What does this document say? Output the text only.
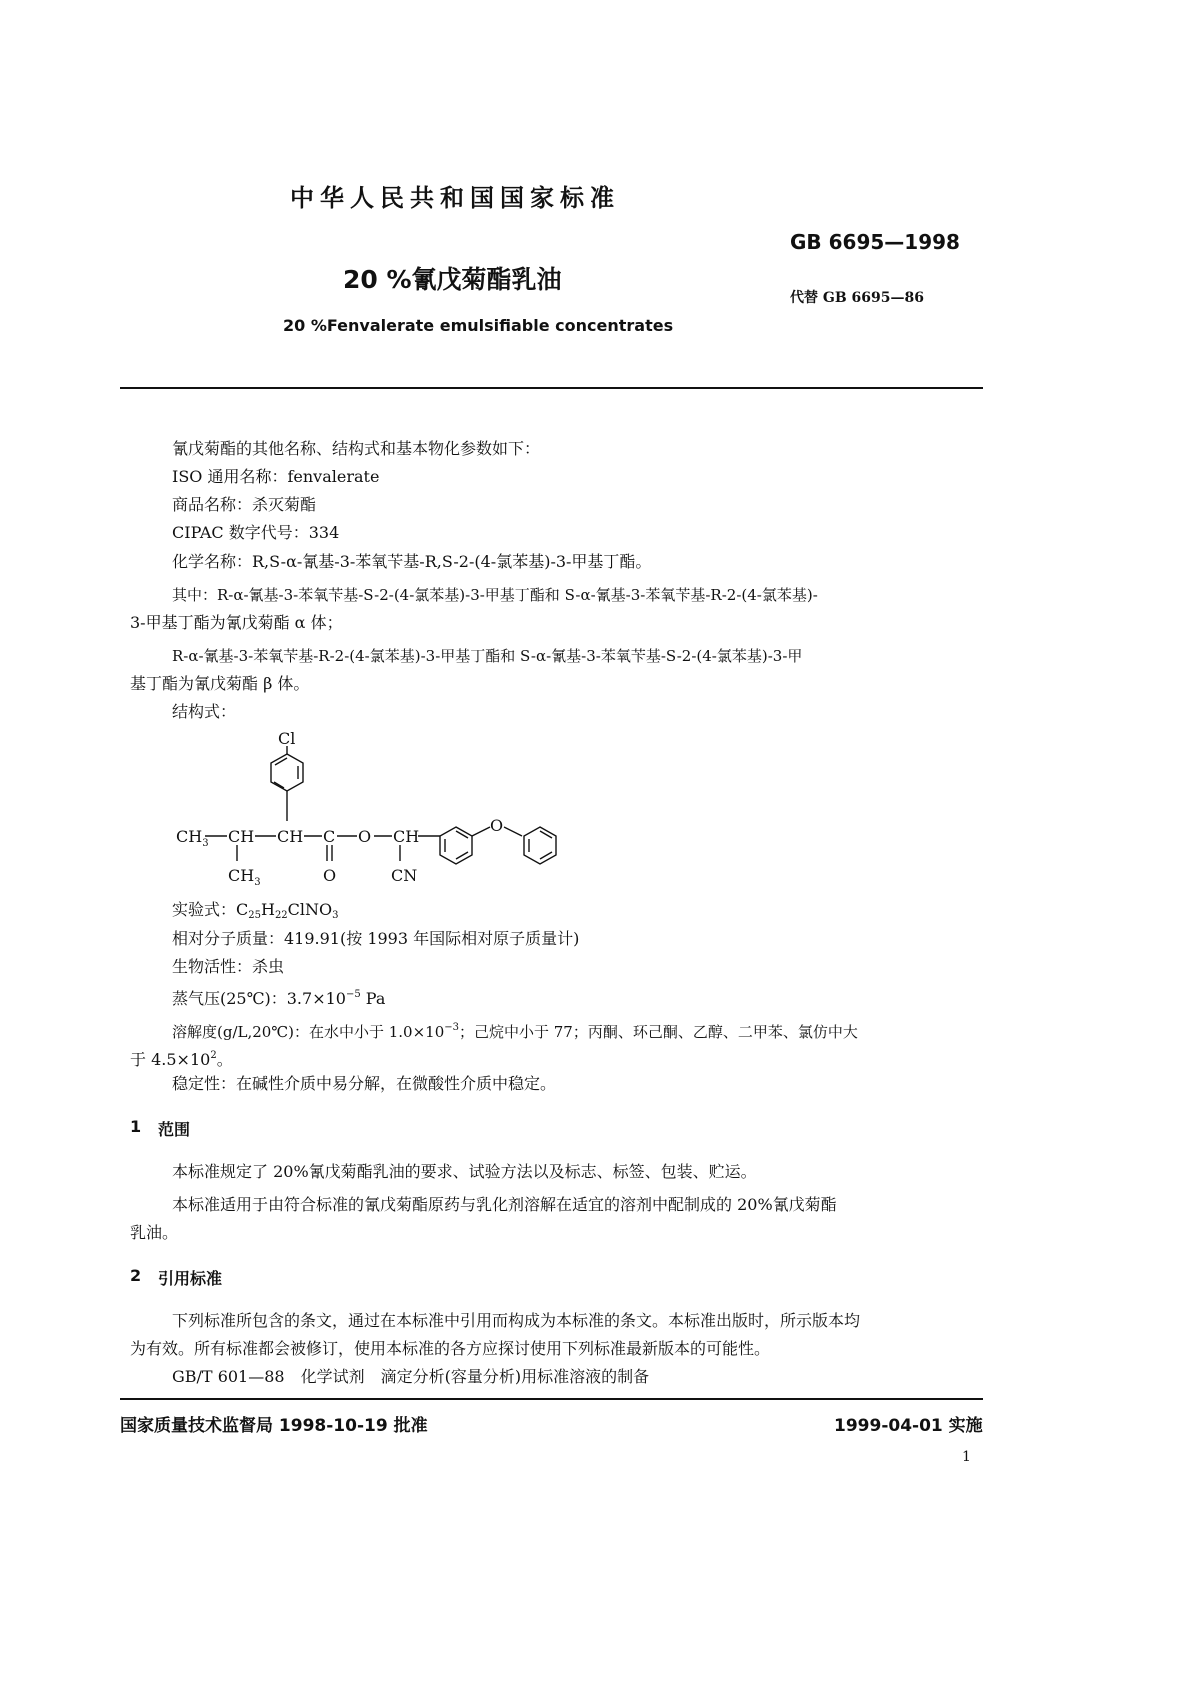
中华人民共和国国家标准
GB 6695—1998
20 %氰戊菊酯乳油
代替 GB 6695—86
20 %Fenvalerate emulsifiable concentrates
氰戊菊酯的其他名称、结构式和基本物化参数如下：
ISO 通用名称：fenvalerate
商品名称：杀灭菊酯
CIPAC 数字代号：334
化学名称：R,S-α-氰基-3-苯氧苄基-R,S-2-(4-氯苯基)-3-甲基丁酯。
其中：R-α-氰基-3-苯氧苄基-S-2-(4-氯苯基)-3-甲基丁酯和 S-α-氰基-3-苯氧苄基-R-2-(4-氯苯基)-
3-甲基丁酯为氰戊菊酯 α 体；
R-α-氰基-3-苯氧苄基-R-2-(4-氯苯基)-3-甲基丁酯和 S-α-氰基-3-苯氧苄基-S-2-(4-氯苯基)-3-甲
基丁酯为氰戊菊酯 β 体。
结构式：
Cl
$CH_3$ CH CH C O CH
O
$CH_3$	O	CN
实验式：$C_{25}H_{22}ClNO_3$
相对分子质量：419.91(按 1993 年国际相对原子质量计)
生物活性：杀虫
蒸气压(25℃)：$3.7\times 10^{-5}$ Pa
溶解度(g/L,20℃)：在水中小于 $1.0\times 10^{-3}$；己烷中小于 77；丙酮、环己酮、乙醇、二甲苯、氯仿中大
于 $4.5\times 10^2$。
稳定性：在碱性介质中易分解，在微酸性介质中稳定。
1 范围
本标准规定了 20%氰戊菊酯乳油的要求、试验方法以及标志、标签、包装、贮运。
本标准适用于由符合标准的氰戊菊酯原药与乳化剂溶解在适宜的溶剂中配制成的 20%氰戊菊酯
乳油。
2 引用标准
下列标准所包含的条文，通过在本标准中引用而构成为本标准的条文。本标准出版时，所示版本均
为有效。所有标准都会被修订，使用本标准的各方应探讨使用下列标准最新版本的可能性。
GB/T 601—88　化学试剂　滴定分析(容量分析)用标准溶液的制备
国家质量技术监督局 1998-10-19 批准	1999-04-01 实施
1
